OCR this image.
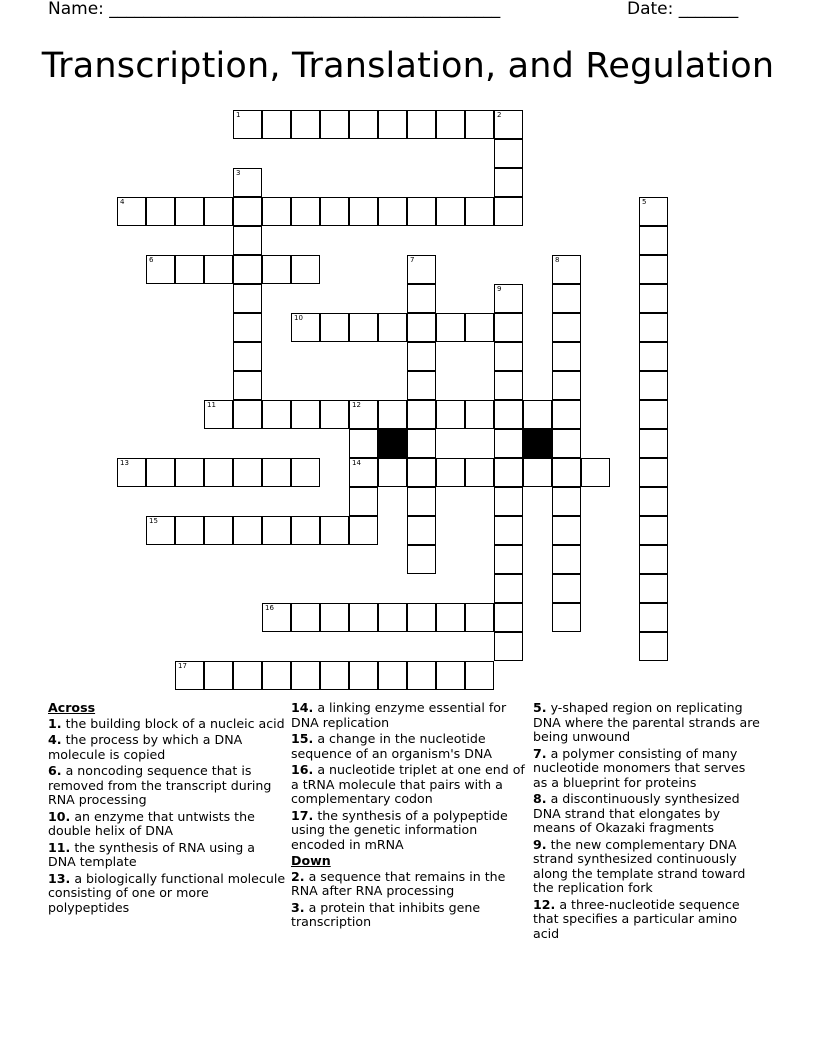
Name: ______________________________________________	Date: _______
Transcription, Translation, and Regulation
1	2
3
4	5
6	7	8
9
10
11	12
14
13
15
16
17

Across

1. the building block of a nucleic acid

4. the process by which a DNA molecule is copied

6. a noncoding sequence that is removed from the transcript during RNA processing

10. an enzyme that untwists the double helix of DNA

11. the synthesis of RNA using a DNA template

13. a biologically functional molecule consisting of one or more polypeptides

14. a linking enzyme essential for DNA replication

15. a change in the nucleotide sequence of an organism's DNA

16. a nucleotide triplet at one end of a tRNA molecule that pairs with a complementary codon

17. the synthesis of a polypeptide using the genetic information encoded in mRNA

Down

2. a sequence that remains in the RNA after RNA processing

3. a protein that inhibits gene transcription

5. y-shaped region on replicating DNA where the parental strands are being unwound

7. a polymer consisting of many nucleotide monomers that serves as a blueprint for proteins

8. a discontinuously synthesized DNA strand that elongates by means of Okazaki fragments

9. the new complementary DNA strand synthesized continuously along the template strand toward the replication fork

12. a three-nucleotide sequence that specifies a particular amino acid
